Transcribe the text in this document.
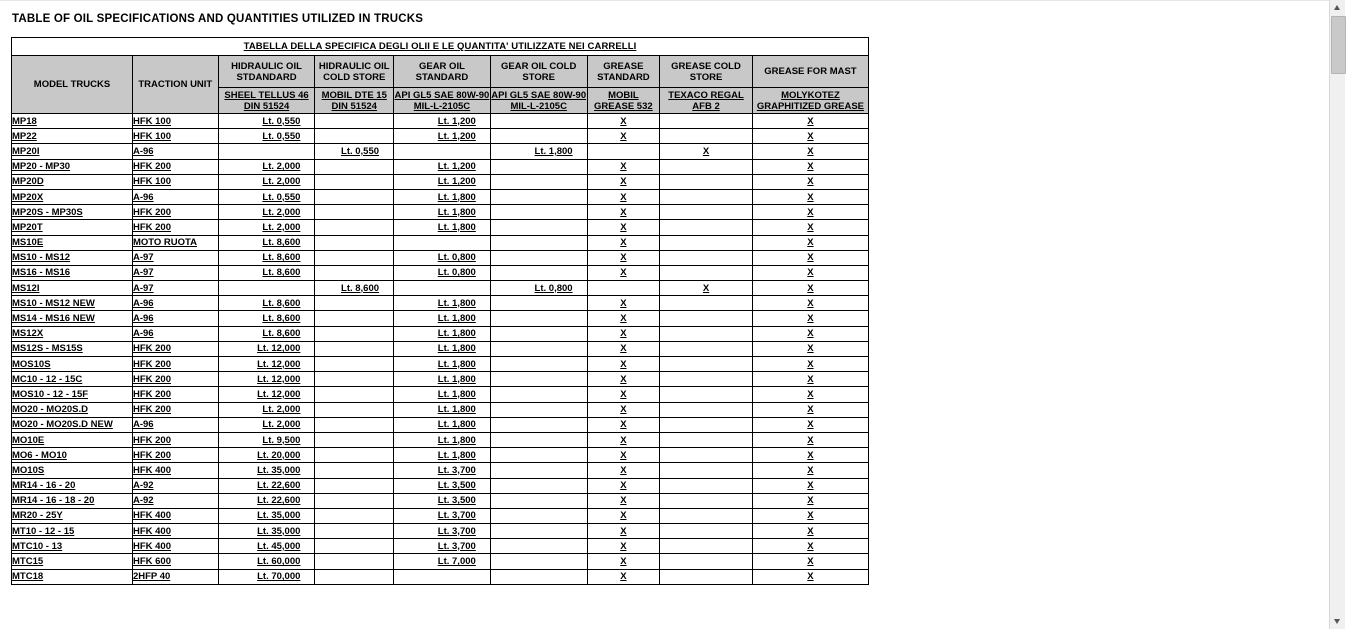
TABLE OF OIL SPECIFICATIONS AND QUANTITIES UTILIZED IN TRUCKS
TABELLA DELLA SPECIFICA DEGLI OLII E LE QUANTITA' UTILIZZATE NEI CARRELLI								

MODEL TRUCKS	TRACTION UNIT	HIDRAULIC OIL STDANDARD	HIDRAULIC OIL COLD STORE	GEAR OIL STANDARD	GEAR OIL COLD STORE	GREASE STANDARD	GREASE COLD STORE	GREASE FOR MAST
		SHEEL TELLUS 46 DIN 51524	MOBIL DTE 15 DIN 51524	API GL5 SAE 80W-90 MIL-L-2105C	API GL5 SAE 80W-90 MIL-L-2105C	MOBIL GREASE 532	TEXACO REGAL AFB 2	MOLYKOTEZ GRAPHITIZED GREASE
MP18	HFK 100	Lt. 0,550		Lt. 1,200		X		X
MP22	HFK 100	Lt. 0,550		Lt. 1,200		X		X
MP20I	A-96		Lt. 0,550		Lt. 1,800		X	X
MP20 - MP30	HFK 200	Lt. 2,000		Lt. 1,200		X		X
MP20D	HFK 100	Lt. 2,000		Lt. 1,200		X		X
MP20X	A-96	Lt. 0,550		Lt. 1,800		X		X
MP20S - MP30S	HFK 200	Lt. 2,000		Lt. 1,800		X		X
MP20T	HFK 200	Lt. 2,000		Lt. 1,800		X		X
MS10E	MOTO RUOTA	Lt. 8,600				X		X
MS10 - MS12	A-97	Lt. 8,600		Lt. 0,800		X		X
MS16 - MS16	A-97	Lt. 8,600		Lt. 0,800		X		X
MS12I	A-97		Lt. 8,600		Lt. 0,800		X	X
MS10 - MS12 NEW	A-96	Lt. 8,600		Lt. 1,800		X		X
MS14 - MS16 NEW	A-96	Lt. 8,600		Lt. 1,800		X		X
MS12X	A-96	Lt. 8,600		Lt. 1,800		X		X
MS12S - MS15S	HFK 200	Lt. 12,000		Lt. 1,800		X		X
MOS10S	HFK 200	Lt. 12,000		Lt. 1,800		X		X
MC10 - 12 - 15C	HFK 200	Lt. 12,000		Lt. 1,800		X		X
MOS10 - 12 - 15F	HFK 200	Lt. 12,000		Lt. 1,800		X		X
MO20 - MO20S.D	HFK 200	Lt. 2,000		Lt. 1,800		X		X
MO20 - MO20S.D NEW	A-96	Lt. 2,000		Lt. 1,800		X		X
MO10E	HFK 200	Lt. 9,500		Lt. 1,800		X		X
MO6 - MO10	HFK 200	Lt. 20,000		Lt. 1,800		X		X
MO10S	HFK 400	Lt. 35,000		Lt. 3,700		X		X
MR14 - 16 - 20	A-92	Lt. 22,600		Lt. 3,500		X		X
MR14 - 16 - 18 - 20	A-92	Lt. 22,600		Lt. 3,500		X		X
MR20 - 25Y	HFK 400	Lt. 35,000		Lt. 3,700		X		X
MT10 - 12 - 15	HFK 400	Lt. 35,000		Lt. 3,700		X		X
MTC10 - 13	HFK 400	Lt. 45,000		Lt. 3,700		X		X
MTC15	HFK 600	Lt. 60,000		Lt. 7,000		X		X
MTC18	2HFP 40	Lt. 70,000				X		X
